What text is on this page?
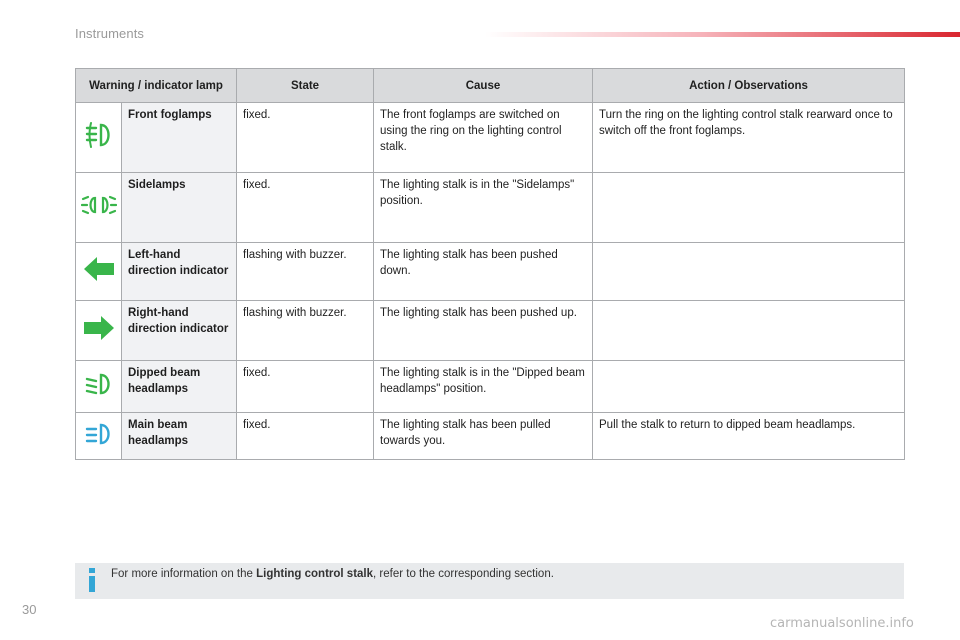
Instruments
Warning / indicator lamp		State	Cause	Action / Observations

	Front foglamps	fixed.	The front foglamps are switched on using the ring on the lighting control stalk.	Turn the ring on the lighting control stalk rearward once to switch off the front foglamps.

	Sidelamps	fixed.	The lighting stalk is in the "Sidelamps" position.	

	Left-hand direction indicator	flashing with buzzer.	The lighting stalk has been pushed down.	

	Right-hand direction indicator	flashing with buzzer.	The lighting stalk has been pushed up.	

	Dipped beam headlamps	fixed.	The lighting stalk is in the "Dipped beam headlamps" position.	

	Main beam headlamps	fixed.	The lighting stalk has been pulled towards you.	Pull the stalk to return to dipped beam headlamps.
For more information on the Lighting control stalk, refer to the corresponding section.
30
carmanualsonline.info
